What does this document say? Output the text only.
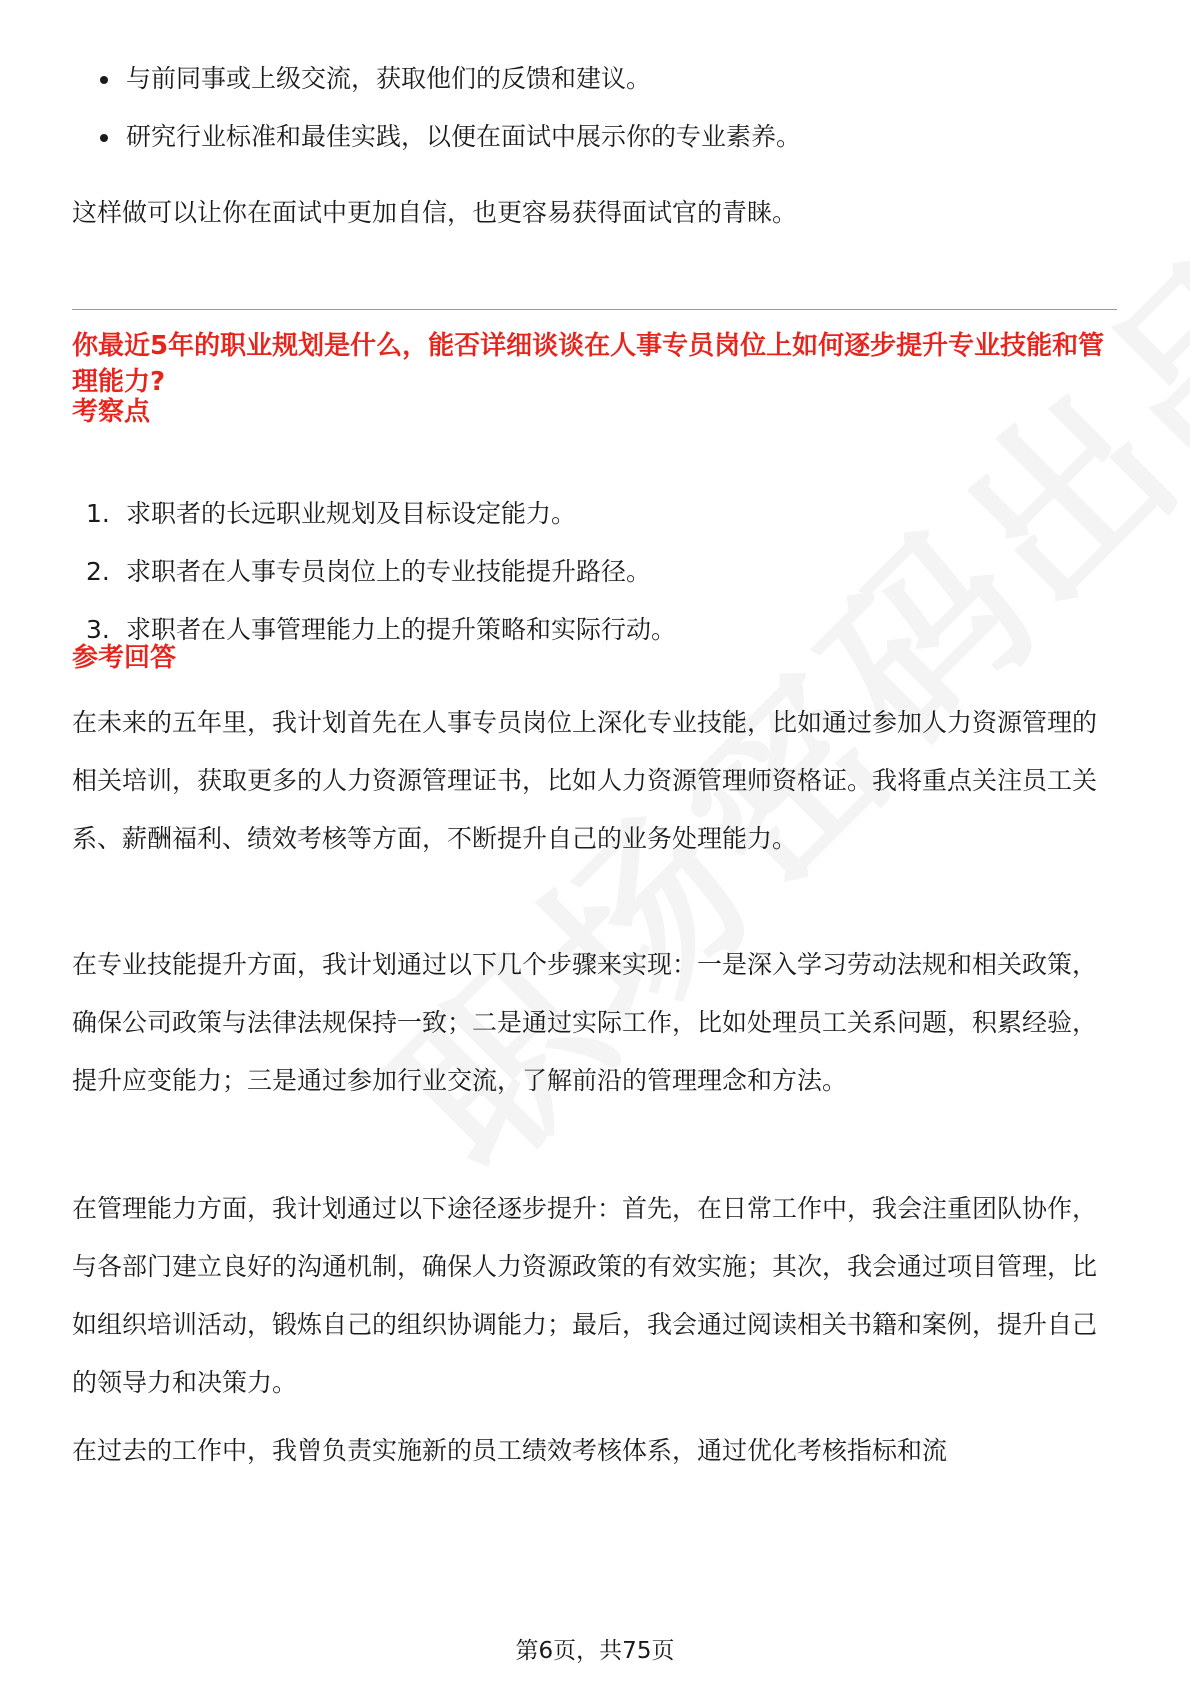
与前同事或上级交流，获取他们的反馈和建议。
研究行业标准和最佳实践，以便在面试中展示你的专业素养。

这样做可以让你在面试中更加自信，也更容易获得面试官的青睐。

你最近5年的职业规划是什么，能否详细谈谈在人事专员岗位上如何逐步提升专业技能和管理能力?

考察点

1. 求职者的长远职业规划及目标设定能力。
2. 求职者在人事专员岗位上的专业技能提升路径。
3. 求职者在人事管理能力上的提升策略和实际行动。

参考回答

在未来的五年里，我计划首先在人事专员岗位上深化专业技能，比如通过参加人力资源管理的相关培训，获取更多的人力资源管理证书，比如人力资源管理师资格证。我将重点关注员工关系、薪酬福利、绩效考核等方面，不断提升自己的业务处理能力。

在专业技能提升方面，我计划通过以下几个步骤来实现：一是深入学习劳动法规和相关政策，确保公司政策与法律法规保持一致；二是通过实际工作，比如处理员工关系问题，积累经验，提升应变能力；三是通过参加行业交流，了解前沿的管理理念和方法。

在管理能力方面，我计划通过以下途径逐步提升：首先，在日常工作中，我会注重团队协作，与各部门建立良好的沟通机制，确保人力资源政策的有效实施；其次，我会通过项目管理，比如组织培训活动，锻炼自己的组织协调能力；最后，我会通过阅读相关书籍和案例，提升自己的领导力和决策力。

在过去的工作中，我曾负责实施新的员工绩效考核体系，通过优化考核指标和流

第6页，共75页
